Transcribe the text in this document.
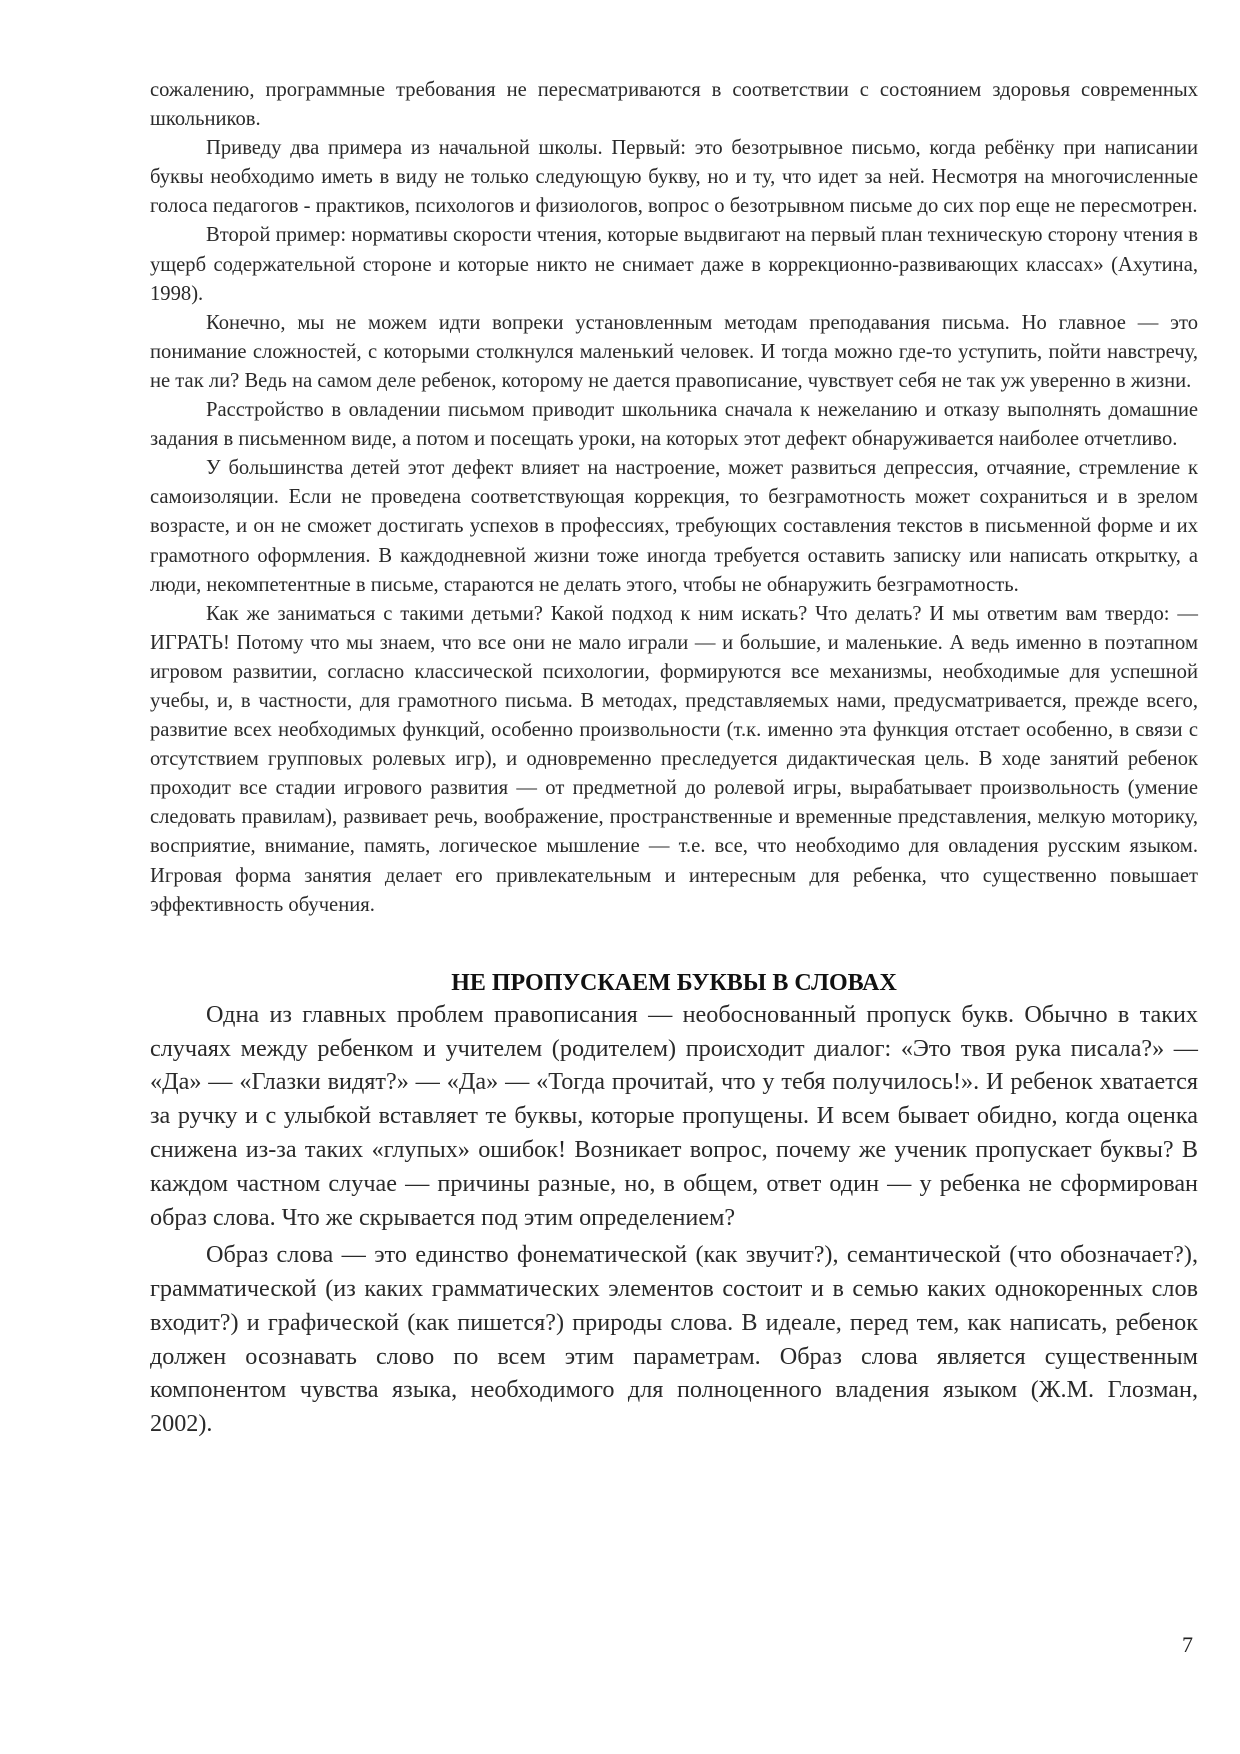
сожалению, программные требования не пересматриваются в соответствии с состоянием здоровья современных школьников.

Приведу два примера из начальной школы. Первый: это безотрывное письмо, когда ребёнку при написании буквы необходимо иметь в виду не только следующую букву, но и ту, что идет за ней. Несмотря на многочисленные голоса педагогов - практиков, психологов и физиологов, вопрос о безотрывном письме до сих пор еще не пересмотрен.

Второй пример: нормативы скорости чтения, которые выдвигают на первый план техническую сторону чтения в ущерб содержательной стороне и которые никто не снимает даже в коррекционно-развивающих классах» (Ахутина, 1998).

Конечно, мы не можем идти вопреки установленным методам преподавания письма. Но главное — это понимание сложностей, с которыми столкнулся маленький человек. И тогда можно где-то уступить, пойти навстречу, не так ли? Ведь на самом деле ребенок, которому не дается правописание, чувствует себя не так уж уверенно в жизни.

Расстройство в овладении письмом приводит школьника сначала к нежеланию и отказу выполнять домашние задания в письменном виде, а потом и посещать уроки, на которых этот дефект обнаруживается наиболее отчетливо.

У большинства детей этот дефект влияет на настроение, может развиться депрессия, отчаяние, стремление к самоизоляции. Если не проведена соответствующая коррекция, то безграмотность может сохраниться и в зрелом возрасте, и он не сможет достигать успехов в профессиях, требующих составления текстов в письменной форме и их грамотного оформления. В каждодневной жизни тоже иногда требуется оставить записку или написать открытку, а люди, некомпетентные в письме, стараются не делать этого, чтобы не обнаружить безграмотность.

Как же заниматься с такими детьми? Какой подход к ним искать? Что делать? И мы ответим вам твердо: — ИГРАТЬ! Потому что мы знаем, что все они не мало играли — и большие, и маленькие. А ведь именно в поэтапном игровом развитии, согласно классической психологии, формируются все механизмы, необходимые для успешной учебы, и, в частности, для грамотного письма. В методах, представляемых нами, предусматривается, прежде всего, развитие всех необходимых функций, особенно произвольности (т.к. именно эта функция отстает особенно, в связи с отсутствием групповых ролевых игр), и одновременно преследуется дидактическая цель. В ходе занятий ребенок проходит все стадии игрового развития — от предметной до ролевой игры, вырабатывает произвольность (умение следовать правилам), развивает речь, воображение, пространственные и временные представления, мелкую моторику, восприятие, внимание, память, логическое мышление — т.е. все, что необходимо для овладения русским языком. Игровая форма занятия делает его привлекательным и интересным для ребенка, что существенно повышает эффективность обучения.

НЕ ПРОПУСКАЕМ БУКВЫ В СЛОВАХ

Одна из главных проблем правописания — необоснованный пропуск букв. Обычно в таких случаях между ребенком и учителем (родителем) происходит диалог: «Это твоя рука писала?» — «Да» — «Глазки видят?» — «Да» — «Тогда прочитай, что у тебя получилось!». И ребенок хватается за ручку и с улыбкой вставляет те буквы, которые пропущены. И всем бывает обидно, когда оценка снижена из-за таких «глупых» ошибок! Возникает вопрос, почему же ученик пропускает буквы? В каждом частном случае — причины разные, но, в общем, ответ один — у ребенка не сформирован образ слова. Что же скрывается под этим определением?

Образ слова — это единство фонематической (как звучит?), семантической (что обозначает?), грамматической (из каких грамматических элементов состоит и в семью каких однокоренных слов входит?) и графической (как пишется?) природы слова. В идеале, перед тем, как написать, ребенок должен осознавать слово по всем этим параметрам. Образ слова является существенным компонентом чувства языка, необходимого для полноценного владения языком (Ж.М. Глозман, 2002).

7
